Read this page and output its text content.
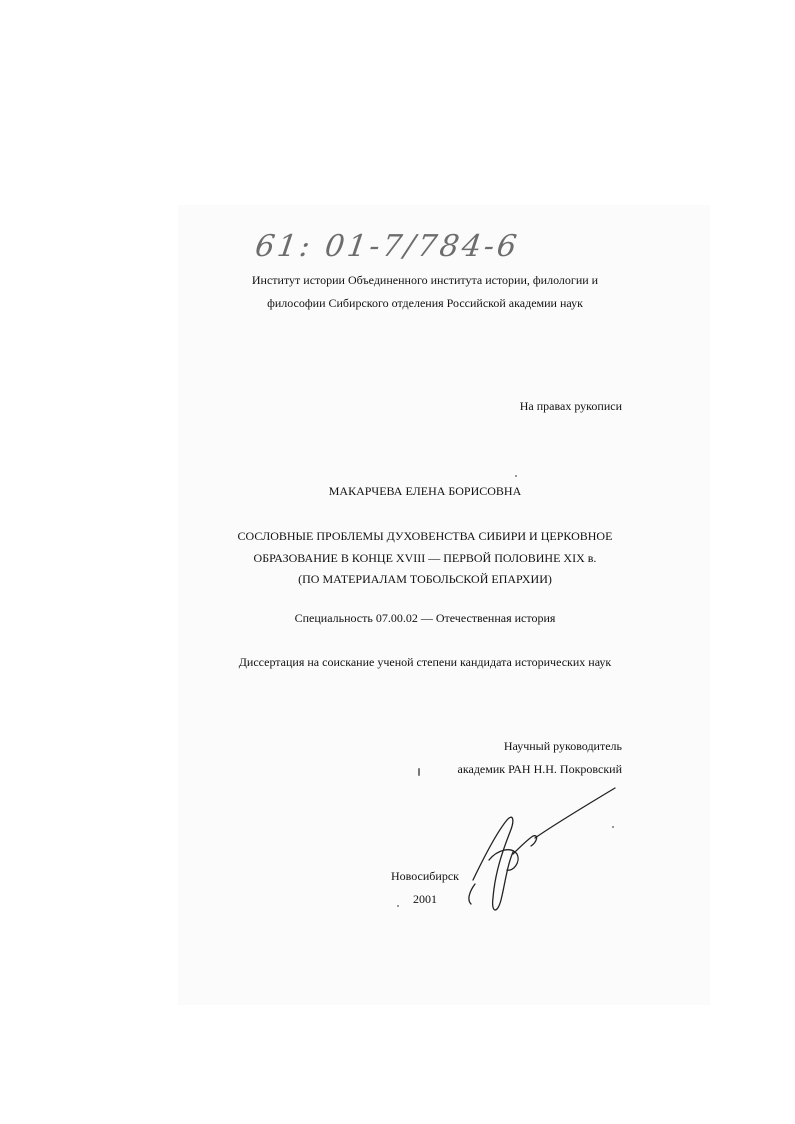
61: 01-7/784-6
Институт истории Объединенного института истории, филологии и
философии Сибирского отделения Российской академии наук
На правах рукописи
МАКАРЧЕВА ЕЛЕНА БОРИСОВНА
СОСЛОВНЫЕ ПРОБЛЕМЫ ДУХОВЕНСТВА СИБИРИ И ЦЕРКОВНОЕ
ОБРАЗОВАНИЕ В КОНЦЕ XVIII — ПЕРВОЙ ПОЛОВИНЕ XIX в.
(ПО МАТЕРИАЛАМ ТОБОЛЬСКОЙ ЕПАРХИИ)
Специальность 07.00.02 — Отечественная история
Диссертация на соискание ученой степени кандидата исторических наук
Научный руководитель
академик РАН Н.Н. Покровский
Новосибирск
2001
